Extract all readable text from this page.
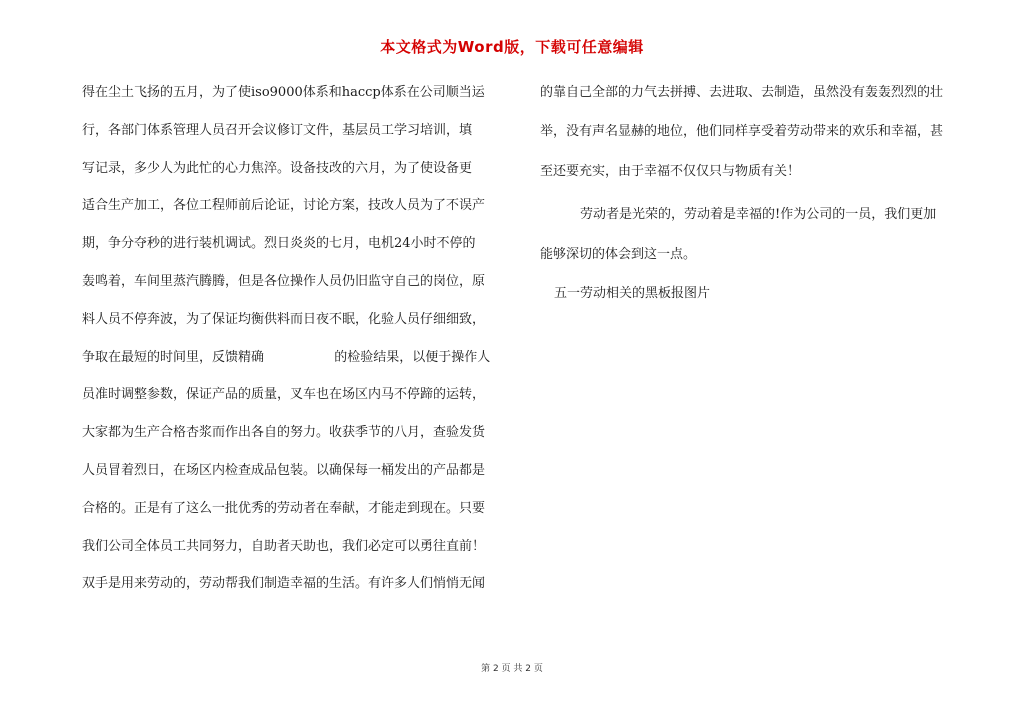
本文格式为Word版，下载可任意编辑
得在尘土飞扬的五月，为了使iso9000体系和haccp体系在公司顺当运
行，各部门体系管理人员召开会议修订文件，基层员工学习培训，填
写记录，多少人为此忙的心力焦淬。设备技改的六月，为了使设备更
适合生产加工，各位工程师前后论证，讨论方案，技改人员为了不误产
期，争分夺秒的进行装机调试。烈日炎炎的七月，电机24小时不停的
轰鸣着，车间里蒸汽腾腾，但是各位操作人员仍旧监守自己的岗位，原
料人员不停奔波，为了保证均衡供料而日夜不眠，化验人员仔细细致，
争取在最短的时间里，反馈精确                 的检验结果，以便于操作人
员准时调整参数，保证产品的质量，叉车也在场区内马不停蹄的运转，
大家都为生产合格杏浆而作出各自的努力。收获季节的八月，查验发货
人员冒着烈日，在场区内检查成品包装。以确保每一桶发出的产品都是
合格的。正是有了这么一批优秀的劳动者在奉献，才能走到现在。只要
我们公司全体员工共同努力，自助者天助也，我们必定可以勇往直前！
双手是用来劳动的，劳动帮我们制造幸福的生活。有许多人们悄悄无闻
的靠自己全部的力气去拼搏、去进取、去制造，虽然没有轰轰烈烈的壮
举，没有声名显赫的地位，他们同样享受着劳动带来的欢乐和幸福，甚
至还要充实，由于幸福不仅仅只与物质有关！
劳动者是光荣的，劳动着是幸福的!作为公司的一员，我们更加
能够深切的体会到这一点。
五一劳动相关的黑板报图片
第 2 页 共 2 页
